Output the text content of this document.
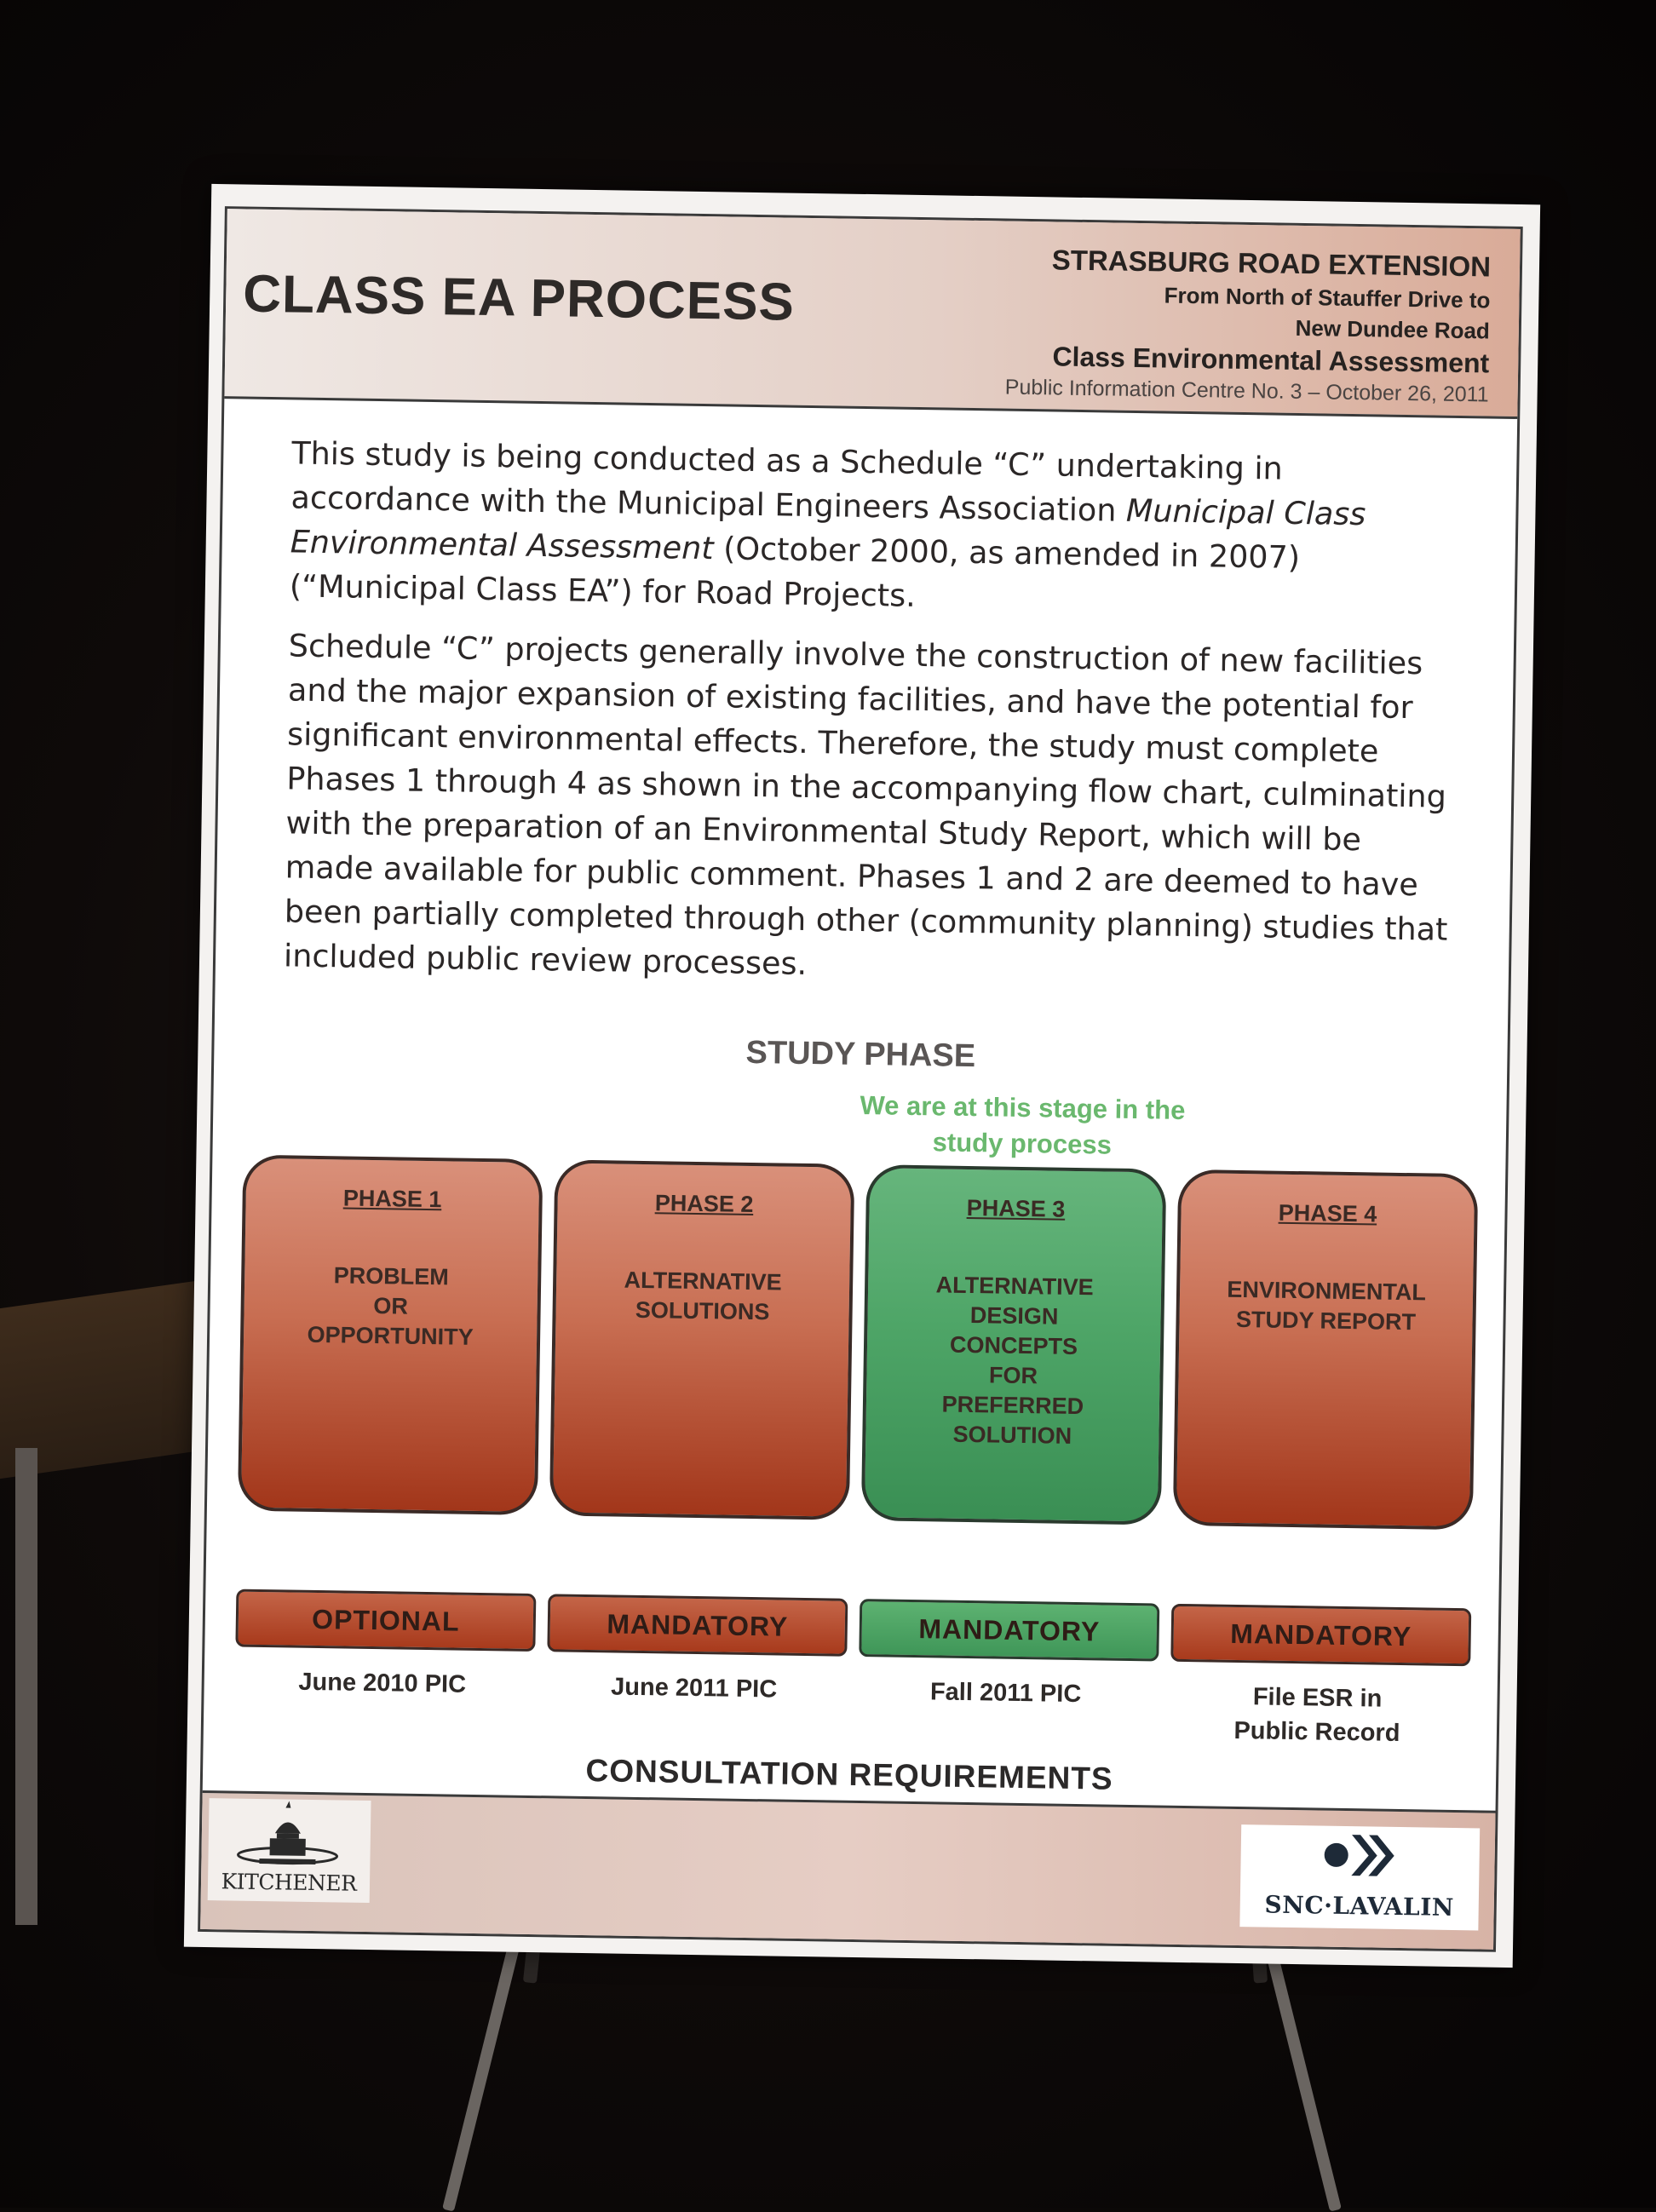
CLASS EA PROCESS
STRASBURG ROAD EXTENSION
From North of Stauffer Drive to
New Dundee Road
Class Environmental Assessment
Public Information Centre No. 3 – October 26, 2011

This study is being conducted as a Schedule “C” undertaking in accordance with the Municipal Engineers Association Municipal Class Environmental Assessment (October 2000, as amended in 2007) (“Municipal Class EA”) for Road Projects.

Schedule “C” projects generally involve the construction of new facilities and the major expansion of existing facilities, and have the potential for significant environmental effects. Therefore, the study must complete Phases 1 through 4 as shown in the accompanying flow chart, culminating with the preparation of an Environmental Study Report, which will be made available for public comment. Phases 1 and 2 are deemed to have been partially completed through other (community planning) studies that included public review processes.

STUDY PHASE
We are at this stage in the study process
PHASE 1
PROBLEM
OR
OPPORTUNITY
OPTIONAL
June 2010 PIC
PHASE 2
ALTERNATIVE
SOLUTIONS
MANDATORY
June 2011 PIC
PHASE 3
ALTERNATIVE
DESIGN
CONCEPTS
FOR
PREFERRED
SOLUTION
MANDATORY
Fall 2011 PIC
PHASE 4
ENVIRONMENTAL
STUDY REPORT
MANDATORY
File ESR in
Public Record
CONSULTATION REQUIREMENTS
KITCHENER
SNC·LAVALIN
